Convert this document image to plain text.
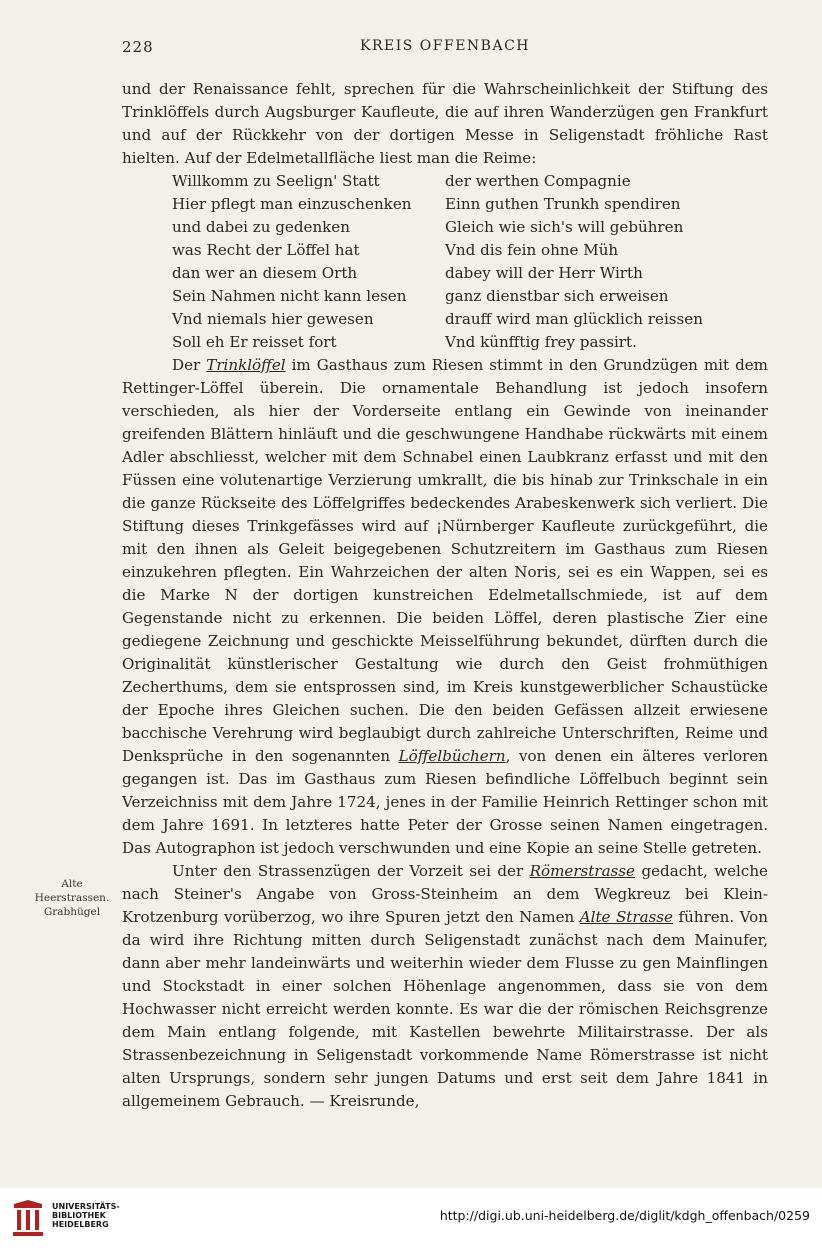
228	KREIS OFFENBACH

und der Renaissance fehlt, sprechen für die Wahrscheinlichkeit der Stiftung des Trinklöffels durch Augsburger Kaufleute, die auf ihren Wanderzügen gen Frankfurt und auf der Rückkehr von der dortigen Messe in Seligenstadt fröhliche Rast hielten. Auf der Edelmetallfläche liest man die Reime:

Willkomm zu Seelign' Statt	der werthen Compagnie
Hier pflegt man einzuschenken	Einn guthen Trunkh spendiren
und dabei zu gedenken	Gleich wie sich's will gebühren
was Recht der Löffel hat	Vnd dis fein ohne Müh
dan wer an diesem Orth	dabey will der Herr Wirth
Sein Nahmen nicht kann lesen	ganz dienstbar sich erweisen
Vnd niemals hier gewesen	drauff wird man glücklich reissen
Soll eh Er reisset fort	Vnd künfftig frey passirt.

Der Trinklöffel im Gasthaus zum Riesen stimmt in den Grundzügen mit dem Rettinger-Löffel überein. Die ornamentale Behandlung ist jedoch insofern verschieden, als hier der Vorderseite entlang ein Gewinde von ineinander greifenden Blättern hinläuft und die geschwungene Handhabe rückwärts mit einem Adler abschliesst, welcher mit dem Schnabel einen Laubkranz erfasst und mit den Füssen eine volutenartige Verzierung umkrallt, die bis hinab zur Trinkschale in ein die ganze Rückseite des Löffelgriffes bedeckendes Arabeskenwerk sich verliert. Die Stiftung dieses Trinkgefässes wird auf ¡Nürnberger Kaufleute zurückgeführt, die mit den ihnen als Geleit beigegebenen Schutzreitern im Gasthaus zum Riesen einzukehren pflegten. Ein Wahrzeichen der alten Noris, sei es ein Wappen, sei es die Marke N der dortigen kunstreichen Edelmetallschmiede, ist auf dem Gegenstande nicht zu erkennen. Die beiden Löffel, deren plastische Zier eine gediegene Zeichnung und geschickte Meisselführung bekundet, dürften durch die Originalität künstlerischer Gestaltung wie durch den Geist frohmüthigen Zecherthums, dem sie entsprossen sind, im Kreis kunstgewerblicher Schaustücke der Epoche ihres Gleichen suchen. Die den beiden Gefässen allzeit erwiesene bacchische Verehrung wird beglaubigt durch zahlreiche Unterschriften, Reime und Denksprüche in den sogenannten Löffelbüchern, von denen ein älteres verloren gegangen ist. Das im Gasthaus zum Riesen befindliche Löffelbuch beginnt sein Verzeichniss mit dem Jahre 1724, jenes in der Familie Heinrich Rettinger schon mit dem Jahre 1691. In letzteres hatte Peter der Grosse seinen Namen eingetragen. Das Autographon ist jedoch verschwunden und eine Kopie an seine Stelle getreten.

Unter den Strassenzügen der Vorzeit sei der Römerstrasse gedacht, welche nach Steiner's Angabe von Gross-Steinheim an dem Wegkreuz bei Klein-Krotzenburg vorüberzog, wo ihre Spuren jetzt den Namen Alte Strasse führen. Von da wird ihre Richtung mitten durch Seligenstadt zunächst nach dem Mainufer, dann aber mehr landeinwärts und weiterhin wieder dem Flusse zu gen Mainflingen und Stockstadt in einer solchen Höhenlage angenommen, dass sie von dem Hochwasser nicht erreicht werden konnte. Es war die der römischen Reichsgrenze dem Main entlang folgende, mit Kastellen bewehrte Militairstrasse. Der als Strassenbezeichnung in Seligenstadt vorkommende Name Römerstrasse ist nicht alten Ursprungs, sondern sehr jungen Datums und erst seit dem Jahre 1841 in allgemeinem Gebrauch. — Kreisrunde,

Alte
Heerstrassen.
Grabhügel
UNIVERSITÄTS-
BIBLIOTHEK
HEIDELBERG
http://digi.ub.uni-heidelberg.de/diglit/kdgh_offenbach/0259
